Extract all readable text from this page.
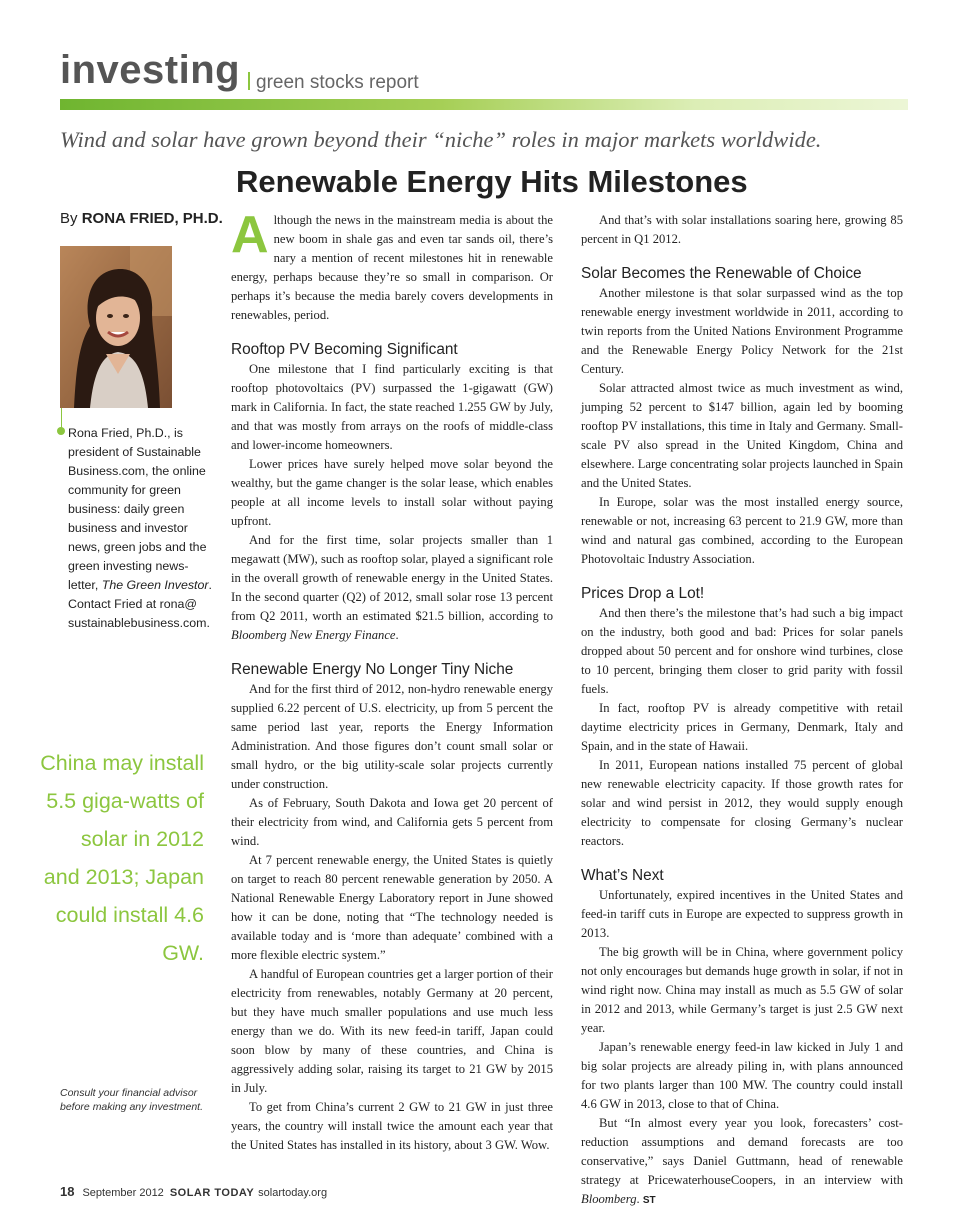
investing green stocks report
Wind and solar have grown beyond their “niche” roles in major markets worldwide.
Renewable Energy Hits Milestones
By RONA FRIED, PH.D.
Rona Fried, Ph.D., is president of Sustainable Business.com, the online community for green business: daily green business and investor news, green jobs and the green investing news-letter, The Green Investor. Contact Fried at rona@ sustainablebusiness.com.
China may install 5.5 giga-watts of solar in 2012 and 2013; Japan could install 4.6 GW.
Consult your financial advisor before making any investment.

Although the news in the mainstream media is about the new boom in shale gas and even tar sands oil, there’s nary a mention of recent milestones hit in renewable energy, perhaps because they’re so small in comparison. Or perhaps it’s because the media barely covers developments in renewables, period.

Rooftop PV Becoming Significant

One milestone that I find particularly exciting is that rooftop photovoltaics (PV) surpassed the 1-gigawatt (GW) mark in California. In fact, the state reached 1.255 GW by July, and that was mostly from arrays on the roofs of middle-class and lower-income homeowners.

Lower prices have surely helped move solar beyond the wealthy, but the game changer is the solar lease, which enables people at all income levels to install solar without paying upfront.

And for the first time, solar projects smaller than 1 megawatt (MW), such as rooftop solar, played a significant role in the overall growth of renewable energy in the United States. In the second quarter (Q2) of 2012, small solar rose 13 percent from Q2 2011, worth an estimated $21.5 billion, according to Bloomberg New Energy Finance.

Renewable Energy No Longer Tiny Niche

And for the first third of 2012, non-hydro renewable energy supplied 6.22 percent of U.S. electricity, up from 5 percent the same period last year, reports the Energy Information Administration. And those figures don’t count small solar or small hydro, or the big utility-scale solar projects currently under construction.

As of February, South Dakota and Iowa get 20 percent of their electricity from wind, and California gets 5 percent from wind.

At 7 percent renewable energy, the United States is quietly on target to reach 80 percent renewable generation by 2050. A National Renewable Energy Laboratory report in June showed how it can be done, noting that “The technology needed is available today and is ‘more than adequate’ combined with a more flexible electric system.”

A handful of European countries get a larger portion of their electricity from renewables, notably Germany at 20 percent, but they have much smaller populations and use much less energy than we do. With its new feed-in tariff, Japan could soon blow by many of these countries, and China is aggressively adding solar, raising its target to 21 GW by 2015 in July.

To get from China’s current 2 GW to 21 GW in just three years, the country will install twice the amount each year that the United States has installed in its history, about 3 GW. Wow.

And that’s with solar installations soaring here, growing 85 percent in Q1 2012.

Solar Becomes the Renewable of Choice

Another milestone is that solar surpassed wind as the top renewable energy investment worldwide in 2011, according to twin reports from the United Nations Environment Programme and the Renewable Energy Policy Network for the 21st Century.

Solar attracted almost twice as much investment as wind, jumping 52 percent to $147 billion, again led by booming rooftop PV installations, this time in Italy and Germany. Small-scale PV also spread in the United Kingdom, China and elsewhere. Large concentrating solar projects launched in Spain and the United States.

In Europe, solar was the most installed energy source, renewable or not, increasing 63 percent to 21.9 GW, more than wind and natural gas combined, according to the European Photovoltaic Industry Association.

Prices Drop a Lot!

And then there’s the milestone that’s had such a big impact on the industry, both good and bad: Prices for solar panels dropped about 50 percent and for onshore wind turbines, close to 10 percent, bringing them closer to grid parity with fossil fuels.

In fact, rooftop PV is already competitive with retail daytime electricity prices in Germany, Denmark, Italy and Spain, and in the state of Hawaii.

In 2011, European nations installed 75 percent of global new renewable electricity capacity. If those growth rates for solar and wind persist in 2012, they would supply enough electricity to compensate for closing Germany’s nuclear reactors.

What’s Next

Unfortunately, expired incentives in the United States and feed-in tariff cuts in Europe are expected to suppress growth in 2013.

The big growth will be in China, where government policy not only encourages but demands huge growth in solar, if not in wind right now. China may install as much as 5.5 GW of solar in 2012 and 2013, while Germany’s target is just 2.5 GW next year.

Japan’s renewable energy feed-in law kicked in July 1 and big solar projects are already piling in, with plans announced for two plants larger than 100 MW. The country could install 4.6 GW in 2013, close to that of China.

But “In almost every year you look, forecasters’ cost-reduction assumptions and demand forecasts are too conservative,” says Daniel Guttmann, head of renewable strategy at PricewaterhouseCoopers, in an interview with Bloomberg. ST

18 September 2012 SOLAR TODAY solartoday.org
